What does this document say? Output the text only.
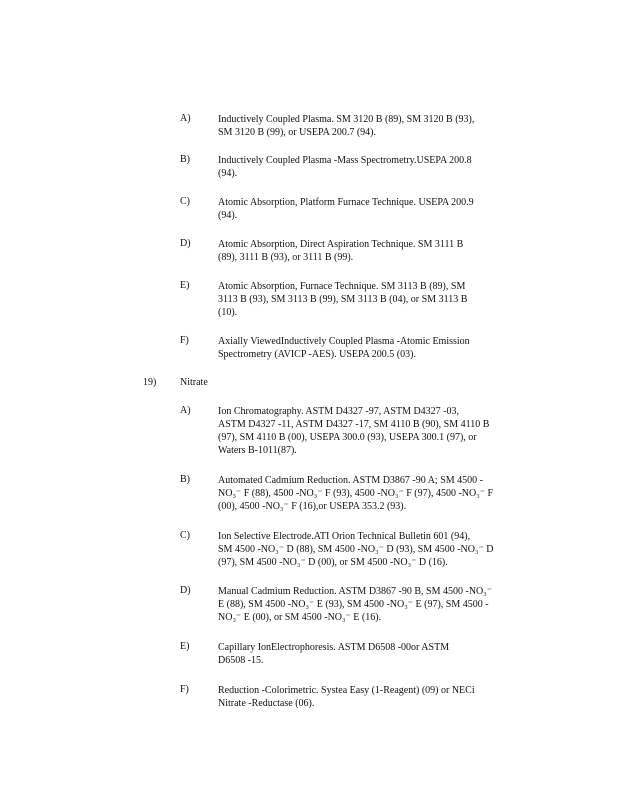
A)	Inductively Coupled Plasma. SM 3120 B (89), SM 3120 B (93),
SM 3120 B (99), or USEPA 200.7 (94).
B)	Inductively Coupled Plasma -Mass Spectrometry.USEPA 200.8
(94).
C)	Atomic Absorption, Platform Furnace Technique. USEPA 200.9
(94).
D)	Atomic Absorption, Direct Aspiration Technique. SM 3111 B
(89), 3111 B (93), or 3111 B (99).
E)	Atomic Absorption, Furnace Technique. SM 3113 B (89), SM
3113 B (93), SM 3113 B (99), SM 3113 B (04), or SM 3113 B
(10).
F)	Axially ViewedInductively Coupled Plasma -Atomic Emission
Spectrometry (AVICP -AES). USEPA 200.5 (03).
19) Nitrate
A)	Ion Chromatography. ASTM D4327 -97, ASTM D4327 -03,
ASTM D4327 -11, ASTM D4327 -17, SM 4110 B (90), SM 4110 B
(97), SM 4110 B (00), USEPA 300.0 (93), USEPA 300.1 (97), or
Waters B-1011(87).
B)	Automated Cadmium Reduction. ASTM D3867 -90 A; SM 4500 -
NO₃⁻ F (88), 4500 -NO₃⁻ F (93), 4500 -NO₃⁻ F (97), 4500 -NO₃⁻ F
(00), 4500 -NO₃⁻ F (16),or USEPA 353.2 (93).
C)	Ion Selective Electrode.ATI Orion Technical Bulletin 601 (94),
SM 4500 -NO₃⁻ D (88), SM 4500 -NO₃⁻ D (93), SM 4500 -NO₃⁻ D
(97), SM 4500 -NO₃⁻ D (00), or SM 4500 -NO₃⁻ D (16).
D)	Manual Cadmium Reduction. ASTM D3867 -90 B, SM 4500 -NO₃⁻
E (88), SM 4500 -NO₃⁻ E (93), SM 4500 -NO₃⁻ E (97), SM 4500 -
NO₃⁻ E (00), or SM 4500 -NO₃⁻ E (16).
E)	Capillary IonElectrophoresis. ASTM D6508 -00or ASTM
D6508 -15.
F)	Reduction -Colorimetric. Systea Easy (1-Reagent) (09) or NECi
Nitrate -Reductase (06).
